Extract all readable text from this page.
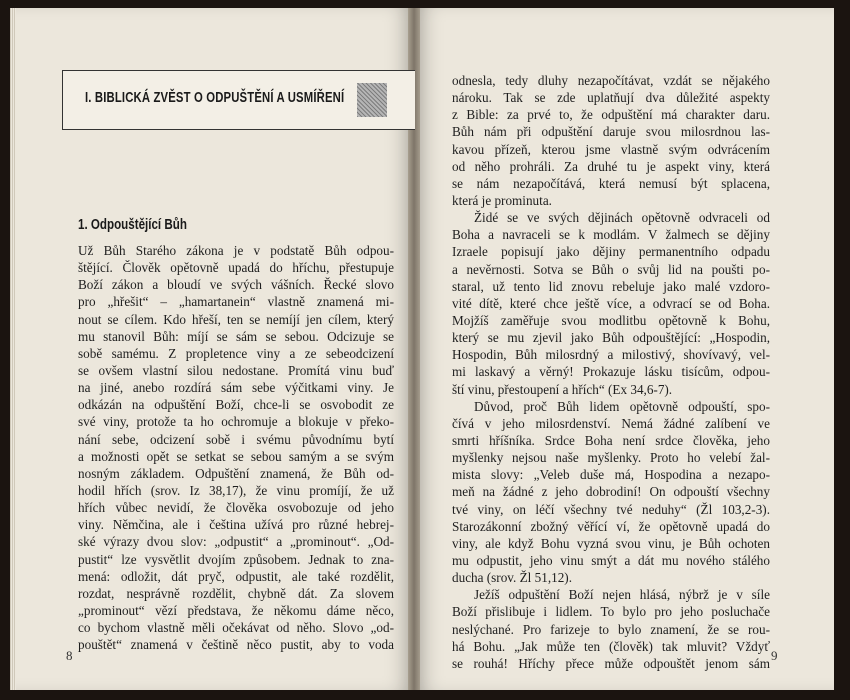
I. BIBLICKÁ ZVĚST O ODPUŠTĚNÍ A USMÍŘENÍ
1. Odpouštějící Bůh
Už Bůh Starého zákona je v podstatě Bůh odpou-
štějící. Člověk opětovně upadá do hříchu, přestupuje
Boží zákon a bloudí ve svých vášních. Řecké slovo
pro „hřešit“ – „hamartanein“ vlastně znamená mi-
nout se cílem. Kdo hřeší, ten se nemíjí jen cílem, který
mu stanovil Bůh: míjí se sám se sebou. Odcizuje se
sobě samému. Z propletence viny a ze sebeodcizení
se ovšem vlastní silou nedostane. Promítá vinu buď
na jiné, anebo rozdírá sám sebe výčitkami viny. Je
odkázán na odpuštění Boží, chce-li se osvobodit ze
své viny, protože ta ho ochromuje a blokuje v překo-
nání sebe, odcizení sobě i svému původnímu bytí
a možnosti opět se setkat se sebou samým a se svým
nosným základem. Odpuštění znamená, že Bůh od-
hodil hřích (srov. Iz 38,17), že vinu promíjí, že už
hřích vůbec nevidí, že člověka osvobozuje od jeho
viny. Němčina, ale i čeština užívá pro různé hebrej-
ské výrazy dvou slov: „odpustit“ a „prominout“. „Od-
pustit“ lze vysvětlit dvojím způsobem. Jednak to zna-
mená: odložit, dát pryč, odpustit, ale také rozdělit,
rozdat, nesprávně rozdělit, chybně dát. Za slovem
„prominout“ vězí představa, že někomu dáme něco,
co bychom vlastně měli očekávat od něho. Slovo „od-
pouštět“ znamená v češtině něco pustit, aby to voda
odnesla, tedy dluhy nezapočítávat, vzdát se nějakého
nároku. Tak se zde uplatňují dva důležité aspekty
z Bible: za prvé to, že odpuštění má charakter daru.
Bůh nám při odpuštění daruje svou milosrdnou las-
kavou přízeň, kterou jsme vlastně svým odvrácením
od něho prohráli. Za druhé tu je aspekt viny, která
se nám nezapočítává, která nemusí být splacena,
která je prominuta.
Židé se ve svých dějinách opětovně odvraceli od
Boha a navraceli se k modlám. V žalmech se dějiny
Izraele popisují jako dějiny permanentního odpadu
a nevěrnosti. Sotva se Bůh o svůj lid na poušti po-
staral, už tento lid znovu rebeluje jako malé vzdoro-
vité dítě, které chce ještě více, a odvrací se od Boha.
Mojžíš zaměřuje svou modlitbu opětovně k Bohu,
který se mu zjevil jako Bůh odpouštějící: „Hospodin,
Hospodin, Bůh milosrdný a milostivý, shovívavý, vel-
mi laskavý a věrný! Prokazuje lásku tisícům, odpou-
ští vinu, přestoupení a hřích“ (Ex 34,6-7).
Důvod, proč Bůh lidem opětovně odpouští, spo-
čívá v jeho milosrdenství. Nemá žádné zalíbení ve
smrti hříšníka. Srdce Boha není srdce člověka, jeho
myšlenky nejsou naše myšlenky. Proto ho velebí žal-
mista slovy: „Veleb duše má, Hospodina a nezapo-
meň na žádné z jeho dobrodiní! On odpouští všechny
tvé viny, on léčí všechny tvé neduhy“ (Žl 103,2-3).
Starozákonní zbožný věřící ví, že opětovně upadá do
viny, ale když Bohu vyzná svou vinu, je Bůh ochoten
mu odpustit, jeho vinu smýt a dát mu nového stálého
ducha (srov. Žl 51,12).
Ježíš odpuštění Boží nejen hlásá, nýbrž je v síle
Boží přislibuje i lidlem. To bylo pro jeho posluchače
neslýchané. Pro farizeje to bylo znamení, že se rou-
há Bohu. „Jak může ten (člověk) tak mluvit? Vždyť
se rouhá! Hříchy přece může odpouštět jenom sám
8	9
